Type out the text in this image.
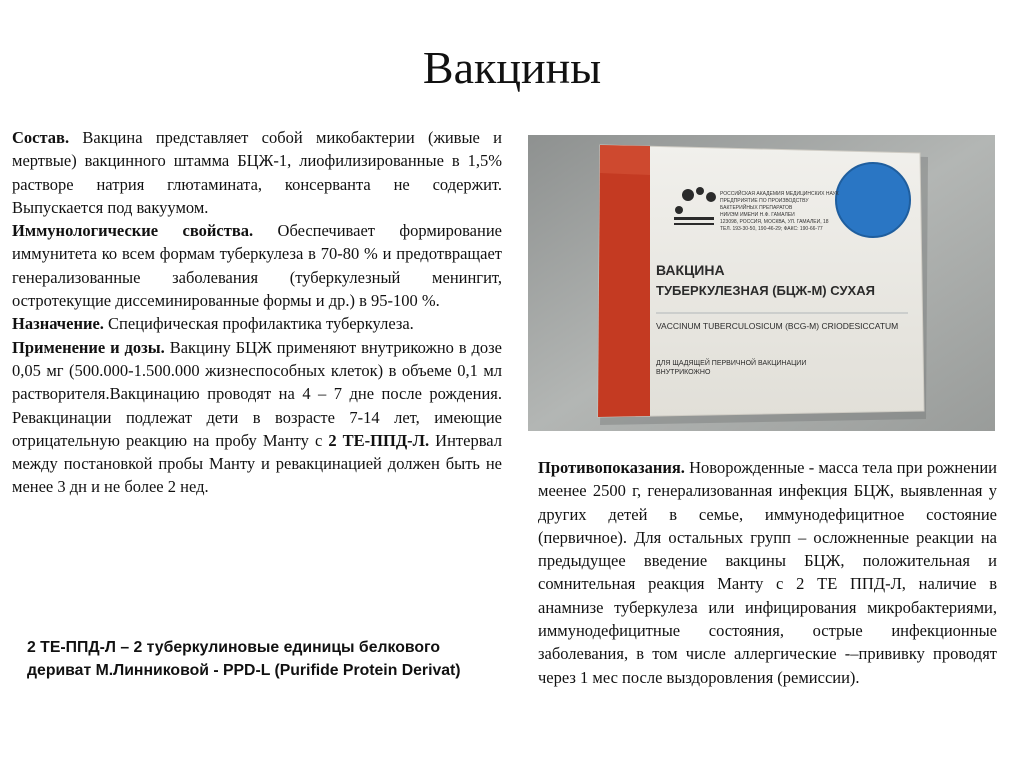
Вакцины

Состав. Вакцина представляет собой микобактерии (живые и мертвые) вакцинного штамма БЦЖ-1, лиофилизированные в 1,5% растворе натрия глютамината, консерванта не содержит. Выпускается под вакуумом.

Иммунологические свойства. Обеспечивает формирование иммунитета ко всем формам туберкулеза в 70-80 % и предотвращает генерализованные заболевания (туберкулезный менингит, остротекущие диссеминированные формы и др.) в 95-100 %.

Назначение. Специфическая профилактика туберкулеза.

Применение и дозы. Вакцину БЦЖ применяют внутрикожно в дозе 0,05 мг (500.000-1.500.000 жизнеспособных клеток) в объеме 0,1 мл растворителя.Вакцинацию проводят на 4 – 7 дне после рождения. Ревакцинации подлежат дети в возрасте 7-14 лет, имеющие отрицательную реакцию на пробу Манту с 2 ТЕ-ППД-Л. Интервал между постановкой пробы Манту и ревакцинацией должен быть не менее 3 дн и не более 2 нед.

2 ТЕ-ППД-Л – 2 туберкулиновые единицы белкового дериват М.Линниковой - PPD-L (Purifide Protein Derivat)
РОССИЙСКАЯ АКАДЕМИЯ МЕДИЦИНСКИХ НАУК
ПРЕДПРИЯТИЕ ПО ПРОИЗВОДСТВУ
БАКТЕРИЙНЫХ ПРЕПАРАТОВ
НИИЭМ ИМЕНИ Н.Ф. ГАМАЛЕИ
123098, РОССИЯ, МОСКВА, УЛ. ГАМАЛЕИ, 18
ТЕЛ. 193-30-50, 190-46-29; ФАКС: 190-66-77
ВАКЦИНА
ТУБЕРКУЛЕЗНАЯ (БЦЖ-М) СУХАЯ
VACCINUM TUBERCULOSICUM (BCG-M) CRIODESICCATUM
ДЛЯ ЩАДЯЩЕЙ ПЕРВИЧНОЙ ВАКЦИНАЦИИ
ВНУТРИКОЖНО

Противопоказания. Новорожденные - масса тела при рожнении меенее 2500 г, генерализованная инфекция БЦЖ, выявленная у других детей в семье, иммунодефицитное состояние (первичное). Для остальных групп – осложненные реакции на предыдущее введение вакцины БЦЖ, положительная и сомнительная реакция Манту с 2 ТЕ ППД-Л, наличие в анамнизе туберкулеза или инфицирования микробактериями, иммунодефицитные состояния, острые инфекционные заболевания, в том числе аллергические -–прививку проводят через 1 мес после выздоровления (ремиссии).
